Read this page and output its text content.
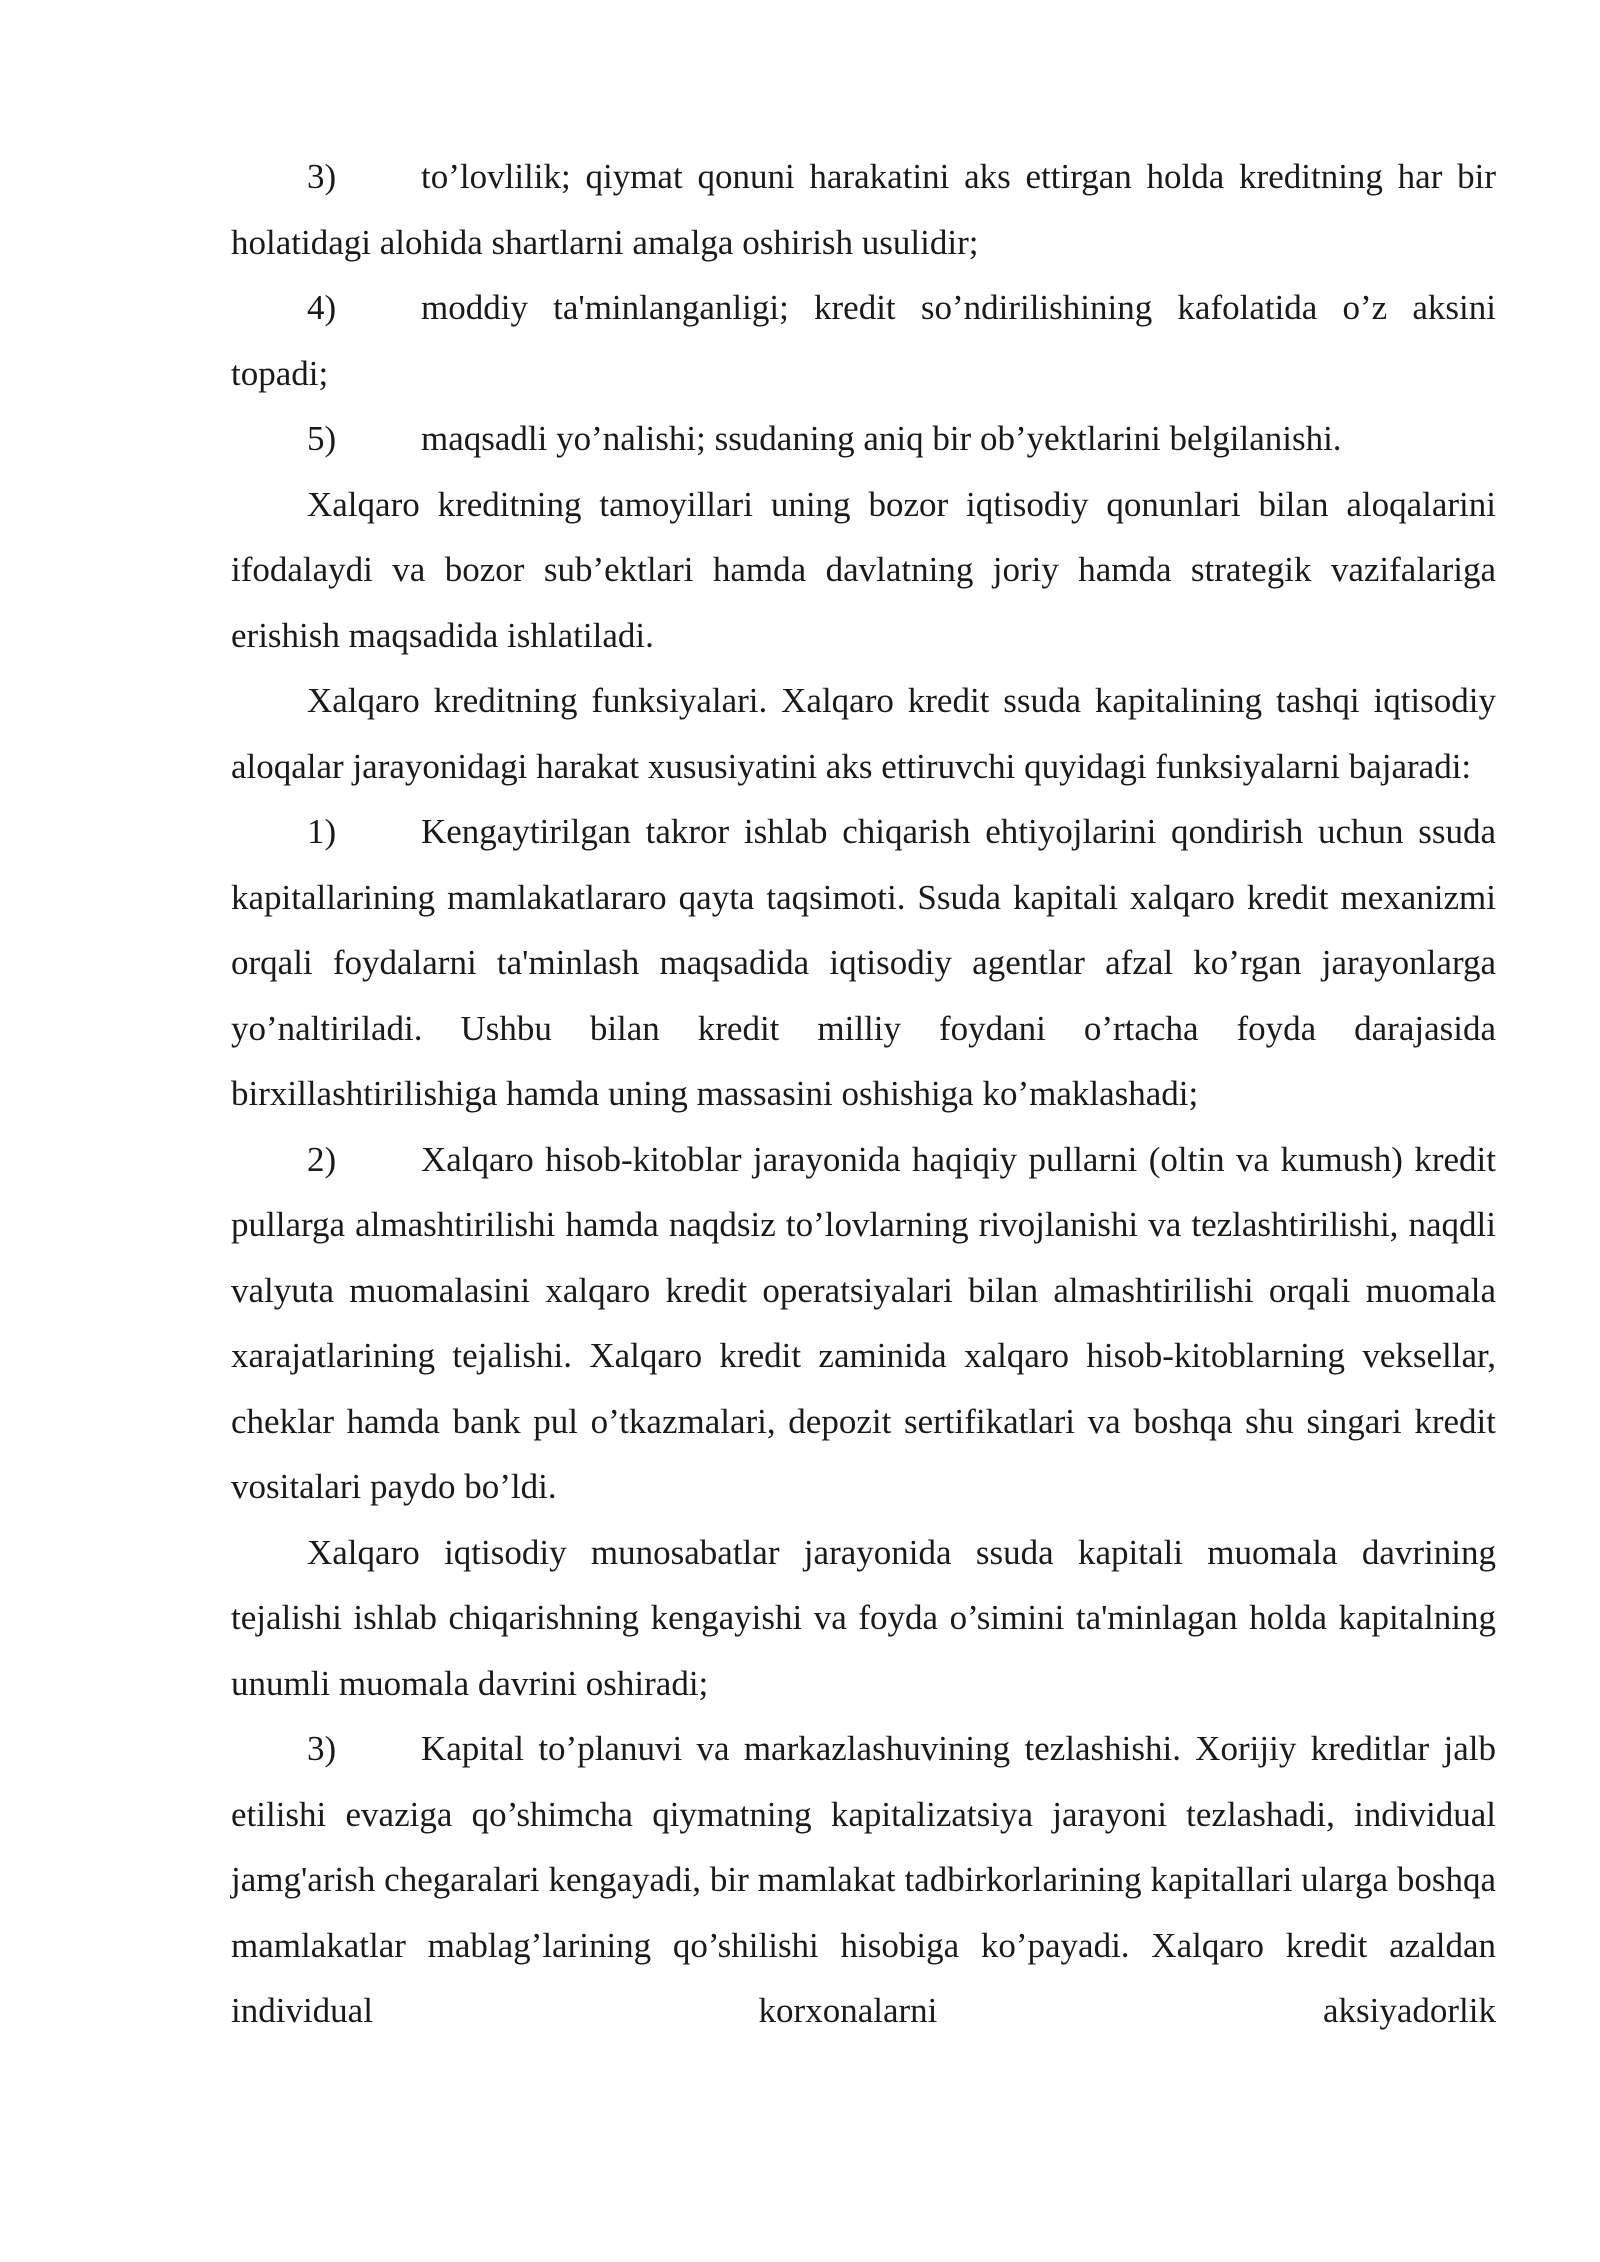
3) to’lovlilik; qiymat qonuni harakatini aks ettirgan holda kreditning har bir holatidagi alohida shartlarni amalga oshirish usulidir;

4) moddiy ta'minlanganligi; kredit so’ndirilishining kafolatida o’z aksini topadi;

5) maqsadli yo’nalishi; ssudaning aniq bir ob’yektlarini belgilanishi.

Xalqaro kreditning tamoyillari uning bozor iqtisodiy qonunlari bilan aloqalarini ifodalaydi va bozor sub’ektlari hamda davlatning joriy hamda strategik vazifalariga erishish maqsadida ishlatiladi.

Xalqaro kreditning funksiyalari. Xalqaro kredit ssuda kapitalining tashqi iqtisodiy aloqalar jarayonidagi harakat xususiyatini aks ettiruvchi quyidagi funksiyalarni bajaradi:

1) Kengaytirilgan takror ishlab chiqarish ehtiyojlarini qondirish uchun ssuda kapitallarining mamlakatlararo qayta taqsimoti. Ssuda kapitali xalqaro kredit mexanizmi orqali foydalarni ta'minlash maqsadida iqtisodiy agentlar afzal ko’rgan jarayonlarga yo’naltiriladi. Ushbu bilan kredit milliy foydani o’rtacha foyda darajasida birxillashtirilishiga hamda uning massasini oshishiga ko’maklashadi;

2) Xalqaro hisob-kitoblar jarayonida haqiqiy pullarni (oltin va kumush) kredit pullarga almashtirilishi hamda naqdsiz to’lovlarning rivojlanishi va tezlashtirilishi, naqdli valyuta muomalasini xalqaro kredit operatsiyalari bilan almashtirilishi orqali muomala xarajatlarining tejalishi. Xalqaro kredit zaminida xalqaro hisob-kitoblarning veksellar, cheklar hamda bank pul o’tkazmalari, depozit sertifikatlari va boshqa shu singari kredit vositalari paydo bo’ldi.

Xalqaro iqtisodiy munosabatlar jarayonida ssuda kapitali muomala davrining tejalishi ishlab chiqarishning kengayishi va foyda o’simini ta'minlagan holda kapitalning unumli muomala davrini oshiradi;

3) Kapital to’planuvi va markazlashuvining tezlashishi. Xorijiy kreditlar jalb etilishi evaziga qo’shimcha qiymatning kapitalizatsiya jarayoni tezlashadi, individual jamg'arish chegaralari kengayadi, bir mamlakat tadbirkorlarining kapitallari ularga boshqa mamlakatlar mablag’larining qo’shilishi hisobiga ko’payadi. Xalqaro kredit azaldan individual korxonalarni aksiyadorlik
